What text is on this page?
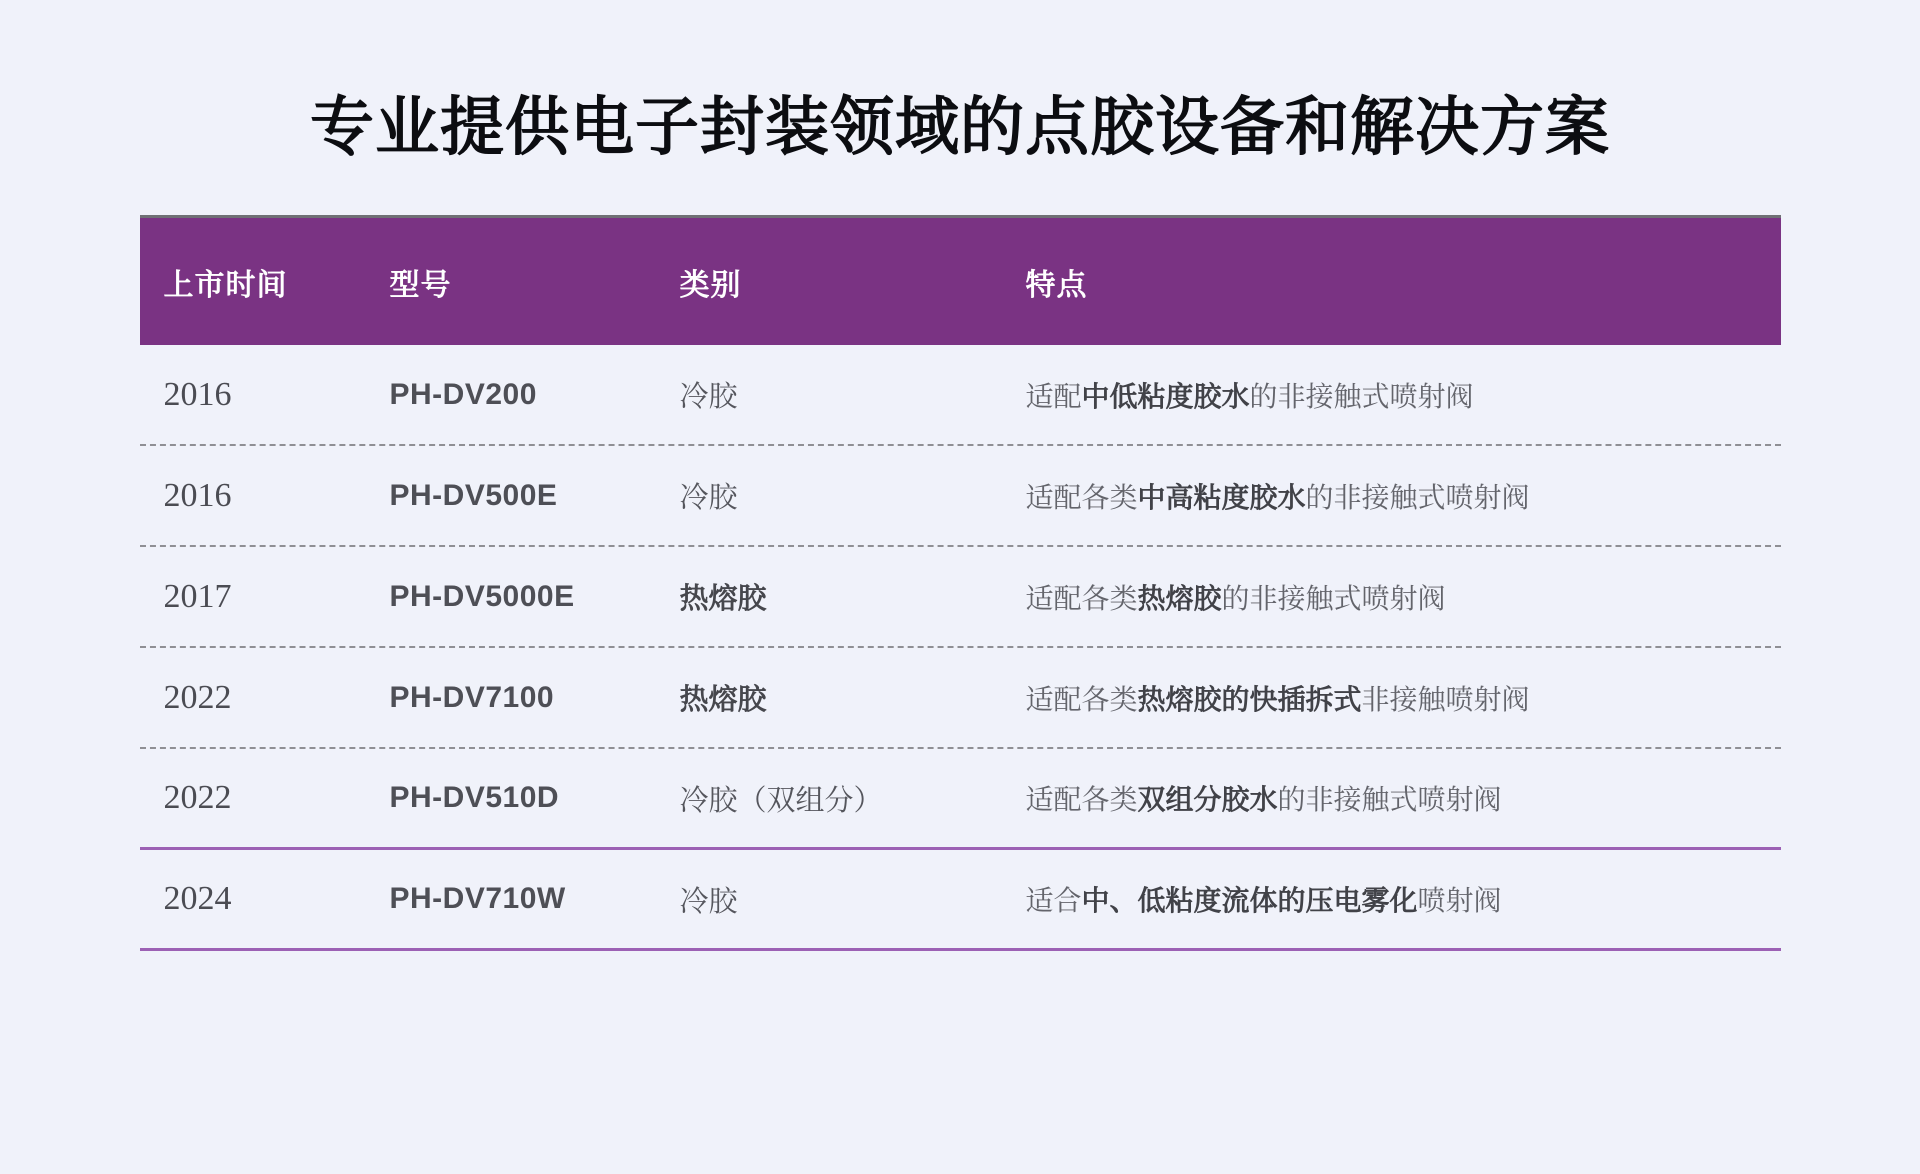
专业提供电子封装领域的点胶设备和解决方案
上市时间	型号	类别	特点
2016	PH-DV200	冷胶	适配中低粘度胶水的非接触式喷射阀
2016	PH-DV500E	冷胶	适配各类中高粘度胶水的非接触式喷射阀
2017	PH-DV5000E	热熔胶	适配各类热熔胶的非接触式喷射阀
2022	PH-DV7100	热熔胶	适配各类热熔胶的快插拆式非接触喷射阀
2022	PH-DV510D	冷胶（双组分）	适配各类双组分胶水的非接触式喷射阀
2024	PH-DV710W	冷胶	适合中、低粘度流体的压电雾化喷射阀
